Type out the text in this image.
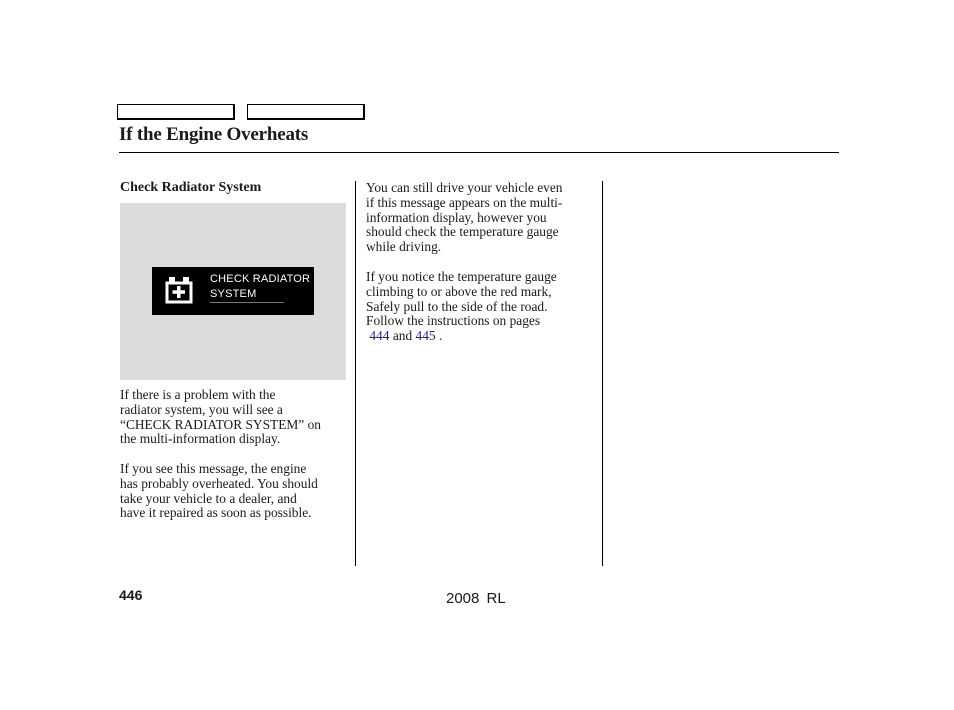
If the Engine Overheats
Check Radiator System
CHECK RADIATOR
SYSTEM
If there is a problem with the
radiator system, you will see a
“CHECK RADIATOR SYSTEM” on
the multi-information display.
If you see this message, the engine
has probably overheated. You should
take your vehicle to a dealer, and
have it repaired as soon as possible.
You can still drive your vehicle even
if this message appears on the multi-
information display, however you
should check the temperature gauge
while driving.
If you notice the temperature gauge
climbing to or above the red mark,
Safely pull to the side of the road.
Follow the instructions on pages
444 and 445 .
446	2008 RL
